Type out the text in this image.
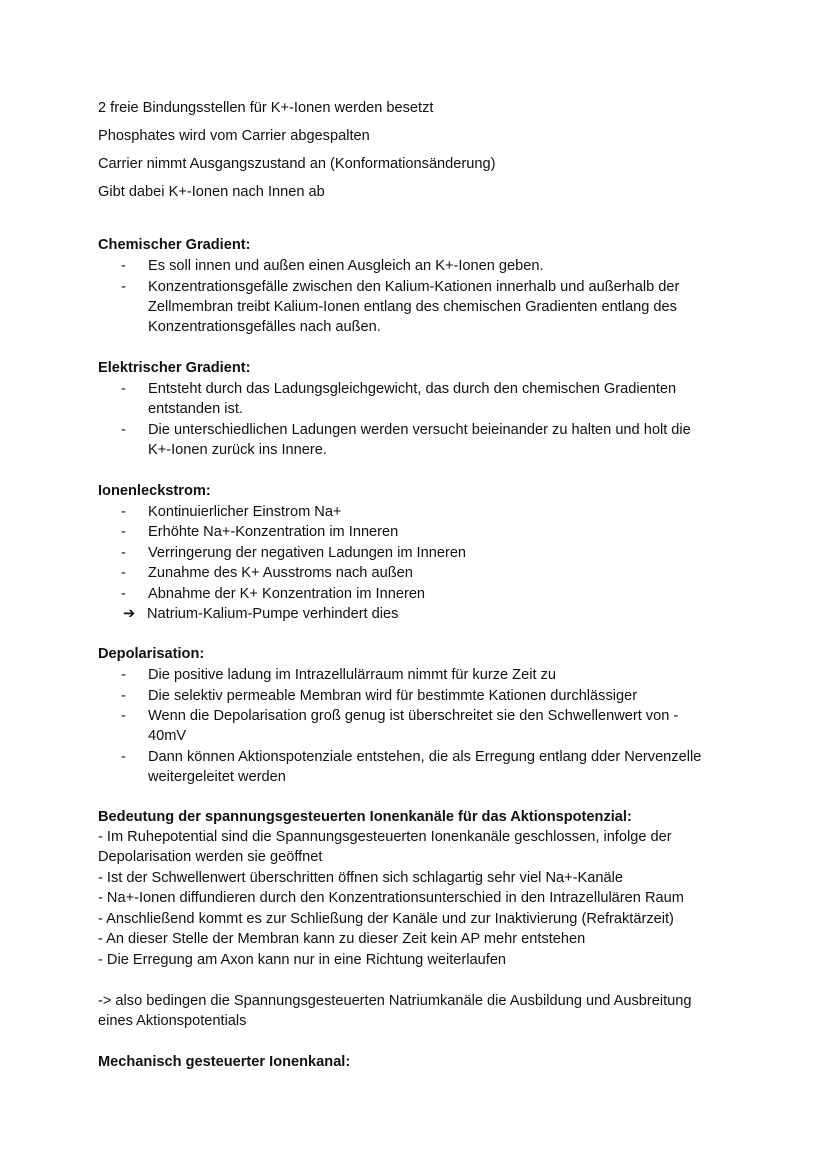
2 freie Bindungsstellen für K+-Ionen werden besetzt
Phosphates wird vom Carrier abgespalten
Carrier nimmt Ausgangszustand an (Konformationsänderung)
Gibt dabei K+-Ionen nach Innen ab
Chemischer Gradient:
- Es soll innen und außen einen Ausgleich an K+-Ionen geben.
- Konzentrationsgefälle zwischen den Kalium-Kationen innerhalb und außerhalb der
Zellmembran treibt Kalium-Ionen entlang des chemischen Gradienten entlang des
Konzentrationsgefälles nach außen.
Elektrischer Gradient:
- Entsteht durch das Ladungsgleichgewicht, das durch den chemischen Gradienten
entstanden ist.
- Die unterschiedlichen Ladungen werden versucht beieinander zu halten und holt die
K+-Ionen zurück ins Innere.
Ionenleckstrom:
- Kontinuierlicher Einstrom Na+
- Erhöhte Na+-Konzentration im Inneren
- Verringerung der negativen Ladungen im Inneren
- Zunahme des K+ Ausstroms nach außen
- Abnahme der K+ Konzentration im Inneren
➔ Natrium-Kalium-Pumpe verhindert dies
Depolarisation:
- Die positive ladung im Intrazellulärraum nimmt für kurze Zeit zu
- Die selektiv permeable Membran wird für bestimmte Kationen durchlässiger
- Wenn die Depolarisation groß genug ist überschreitet sie den Schwellenwert von -
40mV
- Dann können Aktionspotenziale entstehen, die als Erregung entlang dder Nervenzelle
weitergeleitet werden
Bedeutung der spannungsgesteuerten Ionenkanäle für das Aktionspotenzial:
- Im Ruhepotential sind die Spannungsgesteuerten Ionenkanäle geschlossen, infolge der
Depolarisation werden sie geöffnet
- Ist der Schwellenwert überschritten öffnen sich schlagartig sehr viel Na+-Kanäle
- Na+-Ionen diffundieren durch den Konzentrationsunterschied in den Intrazellulären Raum
- Anschließend kommt es zur Schließung der Kanäle und zur Inaktivierung (Refraktärzeit)
- An dieser Stelle der Membran kann zu dieser Zeit kein AP mehr entstehen
- Die Erregung am Axon kann nur in eine Richtung weiterlaufen
-> also bedingen die Spannungsgesteuerten Natriumkanäle die Ausbildung und Ausbreitung
eines Aktionspotentials
Mechanisch gesteuerter Ionenkanal:
